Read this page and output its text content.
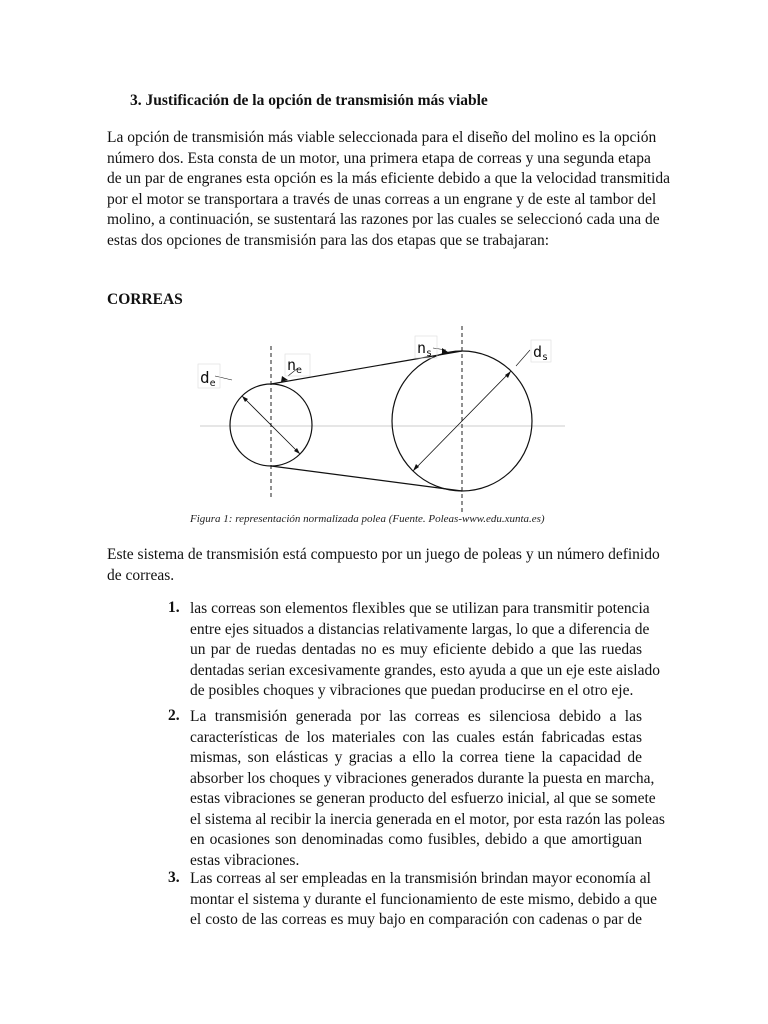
3. Justificación de la opción de transmisión más viable
La opción de transmisión más viable seleccionada para el diseño del molino es la opción
número dos. Esta consta de un motor, una primera etapa de correas y una segunda etapa
de un par de engranes esta opción es la más eficiente debido a que la velocidad transmitida
por el motor se transportara a través de unas correas a un engrane y de este al tambor del
molino, a continuación, se sustentará las razones por las cuales se seleccionó cada una de
estas dos opciones de transmisión para las dos etapas que se trabajaran:
CORREAS
de
$n_e$
$n_s$	$d_s$
Figura 1: representación normalizada polea (Fuente. Poleas-www.edu.xunta.es)
Este sistema de transmisión está compuesto por un juego de poleas y un número definido
de correas.
1. las correas son elementos flexibles que se utilizan para transmitir potencia
entre ejes situados a distancias relativamente largas, lo que a diferencia de
un par de ruedas dentadas no es muy eficiente debido a que las ruedas
dentadas serian excesivamente grandes, esto ayuda a que un eje este aislado
de posibles choques y vibraciones que puedan producirse en el otro eje.
2. La transmisión generada por las correas es silenciosa debido a las
características de los materiales con las cuales están fabricadas estas
mismas, son elásticas y gracias a ello la correa tiene la capacidad de
absorber los choques y vibraciones generados durante la puesta en marcha,
estas vibraciones se generan producto del esfuerzo inicial, al que se somete
el sistema al recibir la inercia generada en el motor, por esta razón las poleas
en ocasiones son denominadas como fusibles, debido a que amortiguan
estas vibraciones.
3. Las correas al ser empleadas en la transmisión brindan mayor economía al
montar el sistema y durante el funcionamiento de este mismo, debido a que
el costo de las correas es muy bajo en comparación con cadenas o par de
